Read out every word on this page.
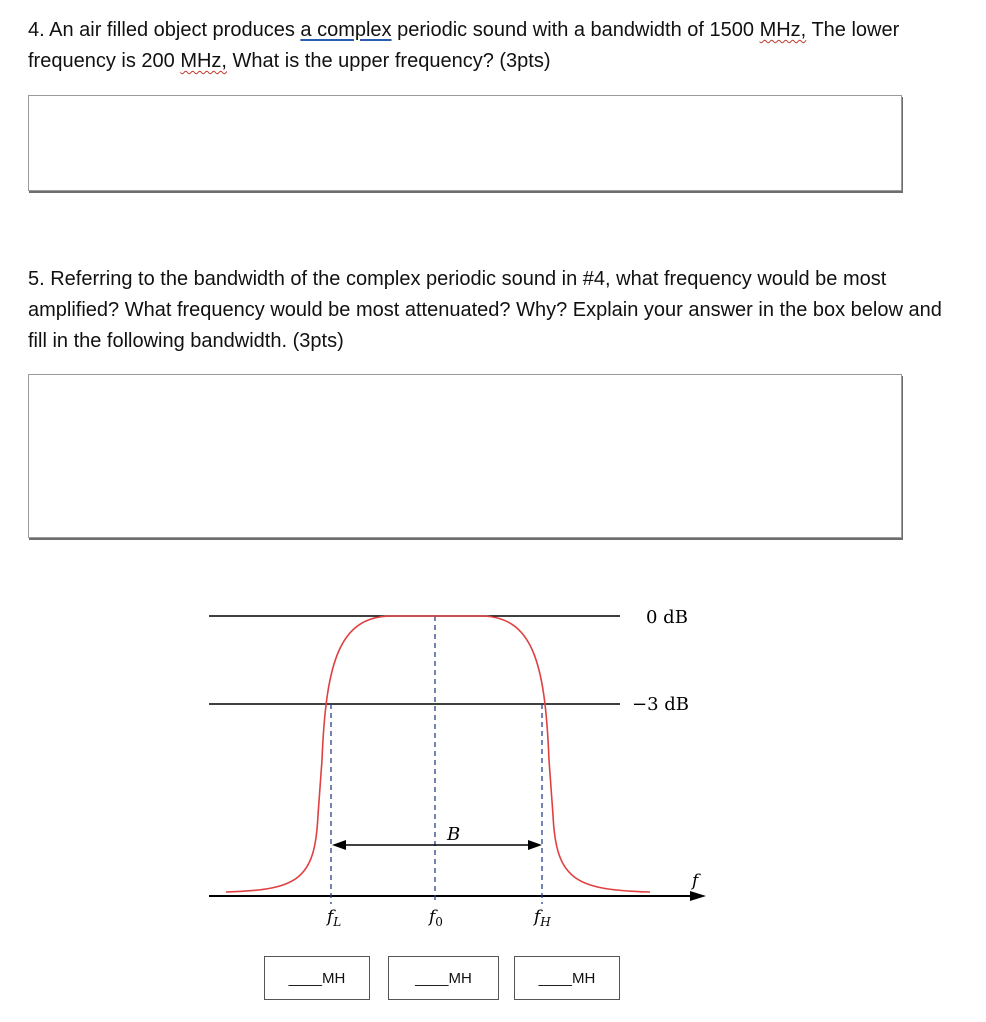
4. An air filled object produces a complex periodic sound with a bandwidth of 1500 MHz, The lower frequency is 200 MHz, What is the upper frequency? (3pts)

5. Referring to the bandwidth of the complex periodic sound in #4, what frequency would be most amplified? What frequency would be most attenuated? Why? Explain your answer in the box below and fill in the following bandwidth. (3pts)

0 dB
−3 dB
B
f
$f_L$	$f_0$	$f_H$
____MH	____MH	____MH
